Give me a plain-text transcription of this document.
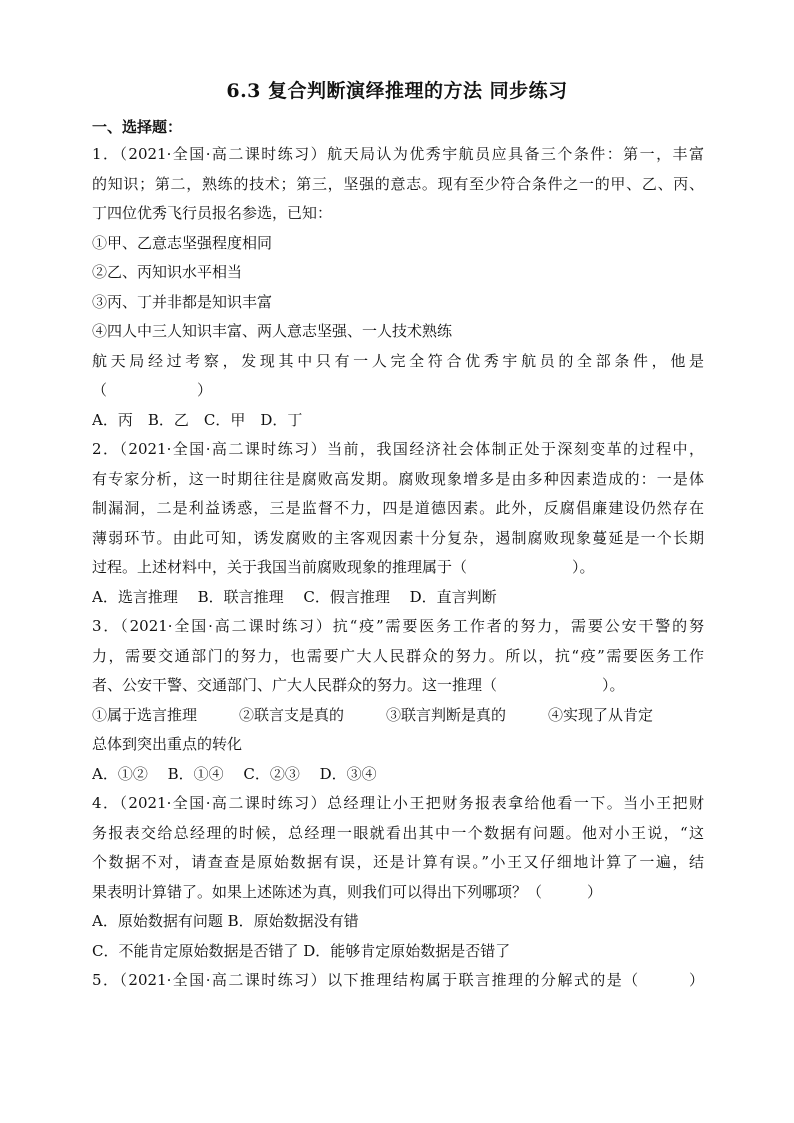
6.3 复合判断演绎推理的方法 同步练习
一、选择题：
1．（2021·全国·高二课时练习）航天局认为优秀宇航员应具备三个条件：第一，丰富
的知识；第二，熟练的技术；第三，坚强的意志。现有至少符合条件之一的甲、乙、丙、
丁四位优秀飞行员报名参选，已知：
①甲、乙意志坚强程度相同
②乙、丙知识水平相当
③丙、丁并非都是知识丰富
④四人中三人知识丰富、两人意志坚强、一人技术熟练
航天局经过考察，发现其中只有一人完全符合优秀宇航员的全部条件，他是
（　　　　　　）
A．丙　B．乙　C．甲　D．丁
2．（2021·全国·高二课时练习）当前，我国经济社会体制正处于深刻变革的过程中，
有专家分析，这一时期往往是腐败高发期。腐败现象增多是由多种因素造成的：一是体
制漏洞，二是利益诱惑，三是监督不力，四是道德因素。此外，反腐倡廉建设仍然存在
薄弱环节。由此可知，诱发腐败的主客观因素十分复杂，遏制腐败现象蔓延是一个长期
过程。上述材料中，关于我国当前腐败现象的推理属于（　　　　　　　）。
A．选言推理　 B．联言推理　 C．假言推理　 D．直言判断
3．（2021·全国·高二课时练习）抗“疫”需要医务工作者的努力，需要公安干警的努
力，需要交通部门的努力，也需要广大人民群众的努力。所以，抗“疫”需要医务工作
者、公安干警、交通部门、广大人民群众的努力。这一推理（　　　　　　　）。
①属于选言推理	②联言支是真的	③联言判断是真的	④实现了从肯定
总体到突出重点的转化
A．①②　 B．①④　 C．②③　 D．③④
4．（2021·全国·高二课时练习）总经理让小王把财务报表拿给他看一下。当小王把财
务报表交给总经理的时候，总经理一眼就看出其中一个数据有问题。他对小王说，“这
个数据不对，请查查是原始数据有误，还是计算有误。”小王又仔细地计算了一遍，结
果表明计算错了。如果上述陈述为真，则我们可以得出下列哪项？（　　　）
A．原始数据有问题 B．原始数据没有错
C．不能肯定原始数据是否错了 D．能够肯定原始数据是否错了
5．（2021·全国·高二课时练习）以下推理结构属于联言推理的分解式的是（　　　）
